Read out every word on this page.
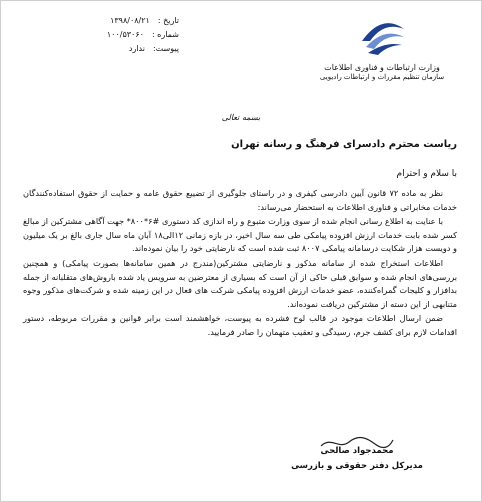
تاریخ :
۱۳۹۸/۰۸/۲۱
شماره :
۱۰۰/۵۳۰۶۰
پیوست:
ندارد
وزارت ارتباطات و فناوری اطلاعات
سازمان تنظیم مقررات و ارتباطات رادیویی
بسمه تعالی
ریاست محترم دادسرای فرهنگ و رسانه تهران
با سلام و احترام

نظر به ماده ۷۲ قانون آیین دادرسی کیفری و در راستای جلوگیری از تضییع حقوق عامه و حمایت از حقوق استفاده‌کنندگان خدمات مخابراتی و فناوری اطلاعات به استحضار می‌رساند:

با عنایت به اطلاع رسانی انجام شده از سوی وزارت متبوع و راه اندازی کد دستوری #۶*۸۰۰* جهت آگاهی مشترکین از مبالغ کسر شده بابت خدمات ارزش افزوده پیامکی طی سه سال اخیر، در بازه زمانی ۱۲الی۱۸ آبان ماه سال جاری بالغ بر یک میلیون و دویست هزار شکایت درسامانه پیامکی ۸۰۰۷ ثبت شده است که نارضایتی خود را بیان نموده‌اند.

اطلاعات استخراج شده از سامانه مذکور و نارضایتی مشترکین(مندرج در همین سامانه‌ها بصورت پیامکی) و همچنین بررسی‌های انجام شده و سوابق قبلی حاکی از آن است که بسیاری از معترضین به سرویس یاد شده باروش‌های متقلبانه از جمله بدافزار و کلیجات گمراه‌کننده، عضو خدمات ارزش افزوده پیامکی شرکت های فعال در این زمینه شده و شرکت‌های مذکور وجوه متنابهی از این دسته از مشترکین دریافت نموده‌اند.

ضمن ارسال اطلاعات موجود در قالب لوح فشرده به پیوست، خواهشمند است برابر قوانین و مقررات مربوطه، دستور اقدامات لازم برای کشف جرم، رسیدگی و تعقیب متهمان را صادر فرمایید.

محمدجواد صالحی
مدیرکل دفتر حقوقی و بازرسی
